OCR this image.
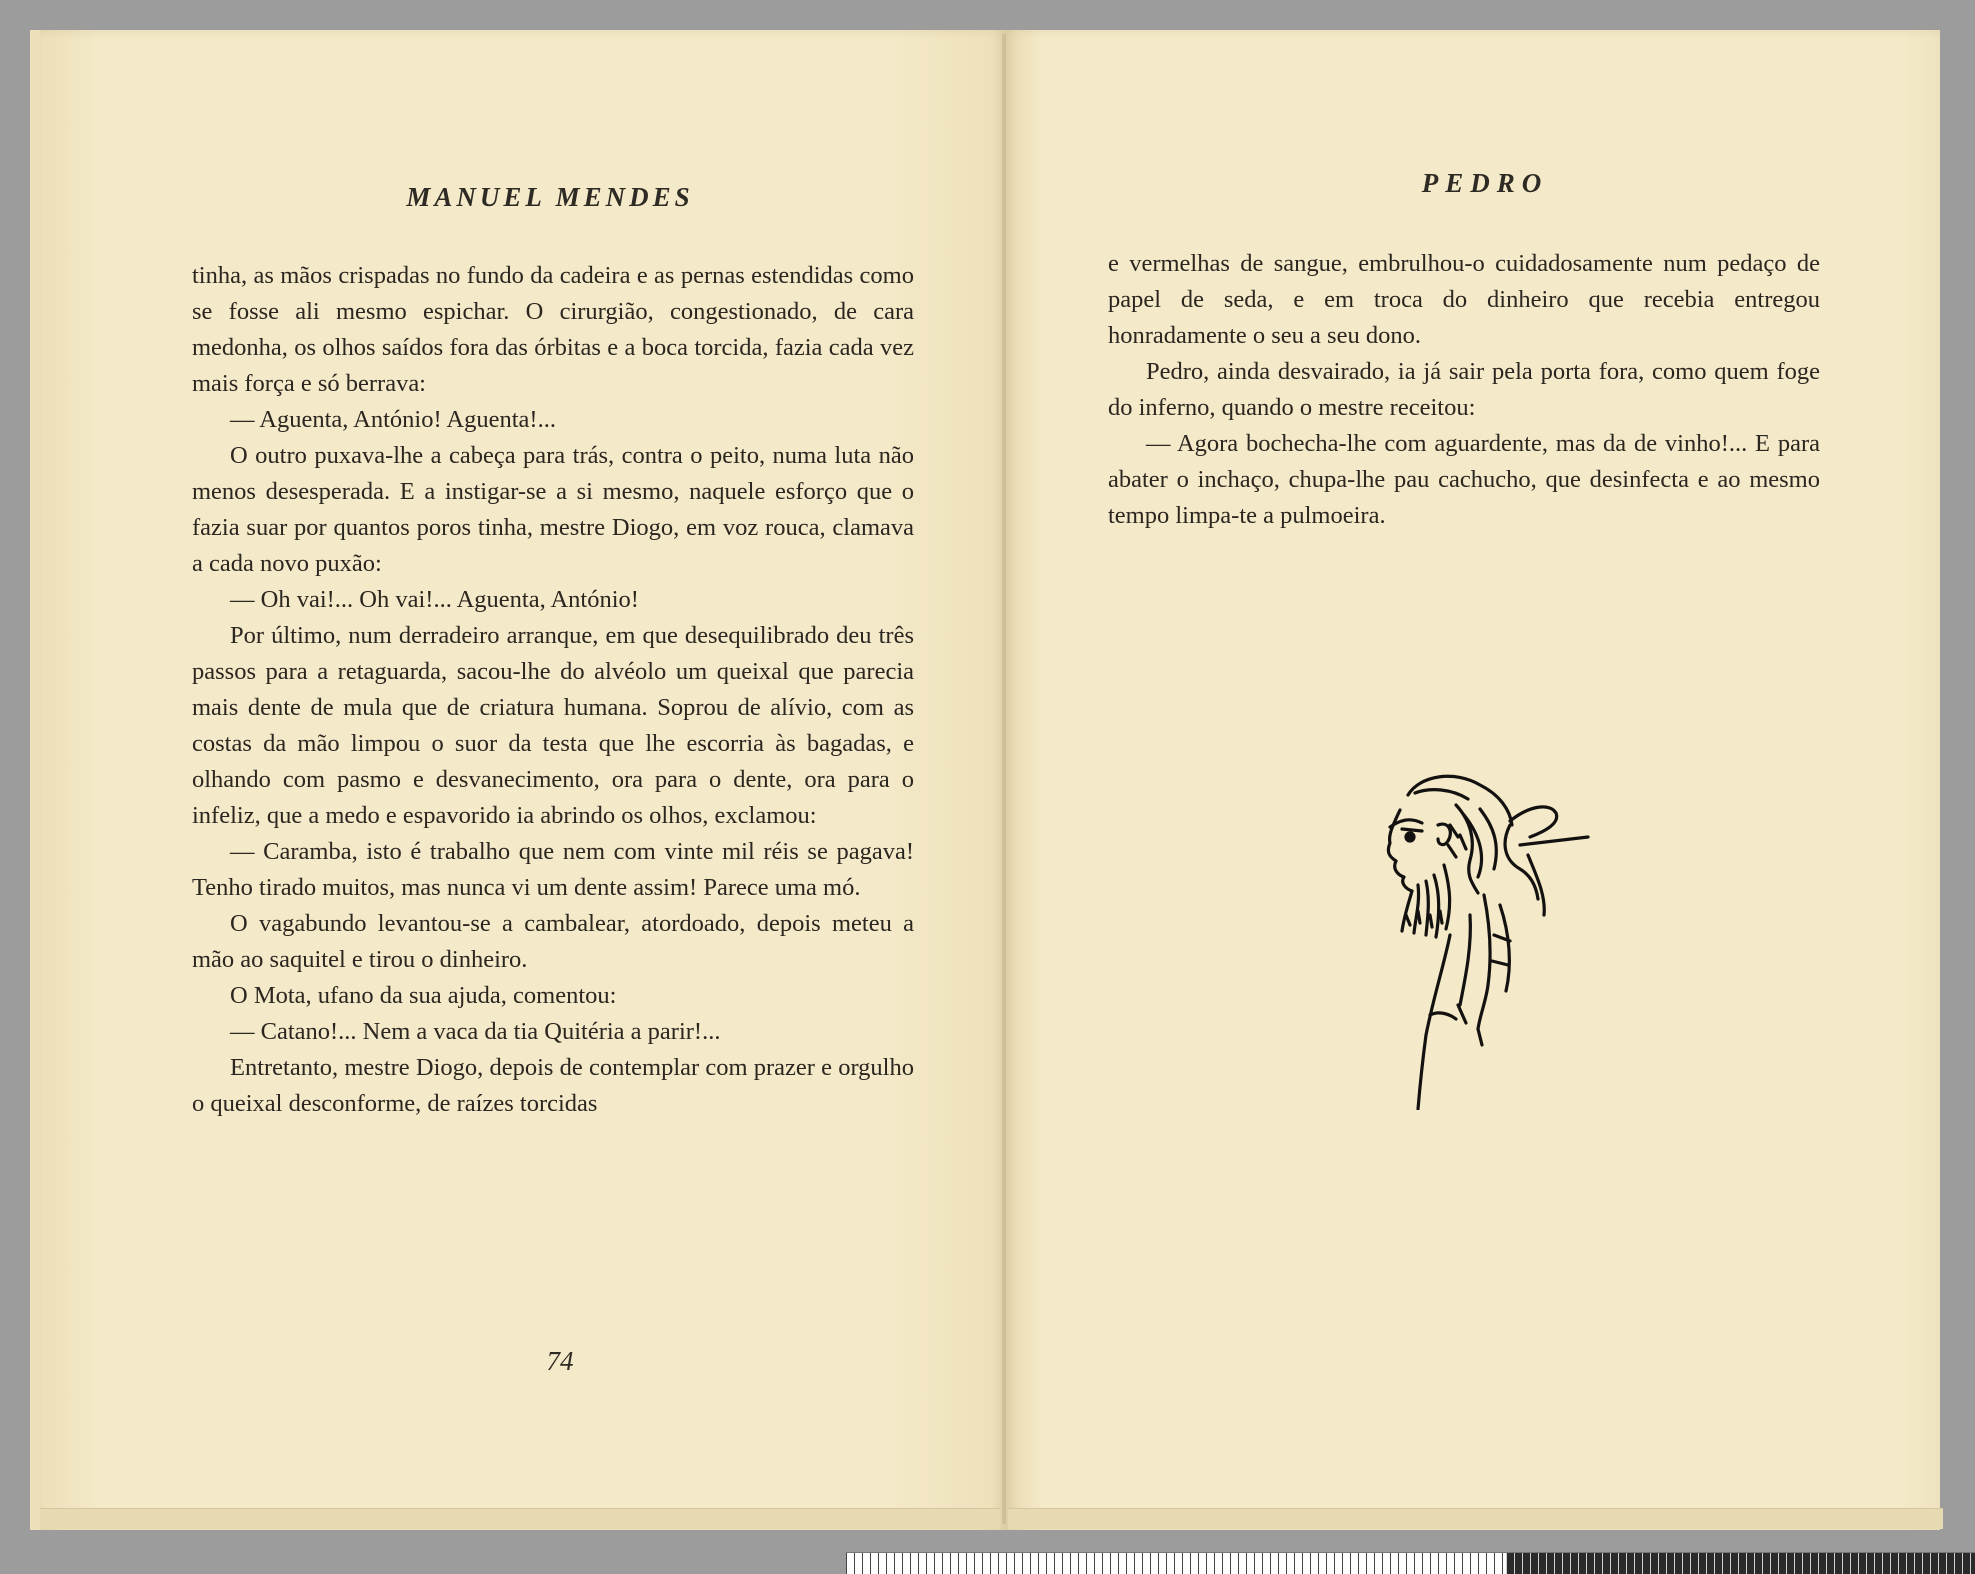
MANUEL MENDES

tinha, as mãos crispadas no fundo da cadeira e as pernas estendidas como se fosse ali mesmo espichar. O cirurgião, congestionado, de cara medonha, os olhos saídos fora das órbitas e a boca torcida, fazia cada vez mais força e só berrava:

— Aguenta, António! Aguenta!...

O outro puxava-lhe a cabeça para trás, contra o peito, numa luta não menos desesperada. E a instigar-se a si mesmo, naquele esforço que o fazia suar por quantos poros tinha, mestre Diogo, em voz rouca, clamava a cada novo puxão:

— Oh vai!... Oh vai!... Aguenta, António!

Por último, num derradeiro arranque, em que desequilibrado deu três passos para a retaguarda, sacou-lhe do alvéolo um queixal que parecia mais dente de mula que de criatura humana. Soprou de alívio, com as costas da mão limpou o suor da testa que lhe escorria às bagadas, e olhando com pasmo e desvanecimento, ora para o dente, ora para o infeliz, que a medo e espavorido ia abrindo os olhos, exclamou:

— Caramba, isto é trabalho que nem com vinte mil réis se pagava! Tenho tirado muitos, mas nunca vi um dente assim! Parece uma mó.

O vagabundo levantou-se a cambalear, atordoado, depois meteu a mão ao saquitel e tirou o dinheiro.

O Mota, ufano da sua ajuda, comentou:

— Catano!... Nem a vaca da tia Quitéria a parir!...

Entretanto, mestre Diogo, depois de contemplar com prazer e orgulho o queixal desconforme, de raízes torcidas

74

PEDRO

e vermelhas de sangue, embrulhou-o cuidadosamente num pedaço de papel de seda, e em troca do dinheiro que recebia entregou honradamente o seu a seu dono.

Pedro, ainda desvairado, ia já sair pela porta fora, como quem foge do inferno, quando o mestre receitou:

— Agora bochecha-lhe com aguardente, mas da de vinho!... E para abater o inchaço, chupa-lhe pau cachucho, que desinfecta e ao mesmo tempo limpa-te a pulmoeira.
